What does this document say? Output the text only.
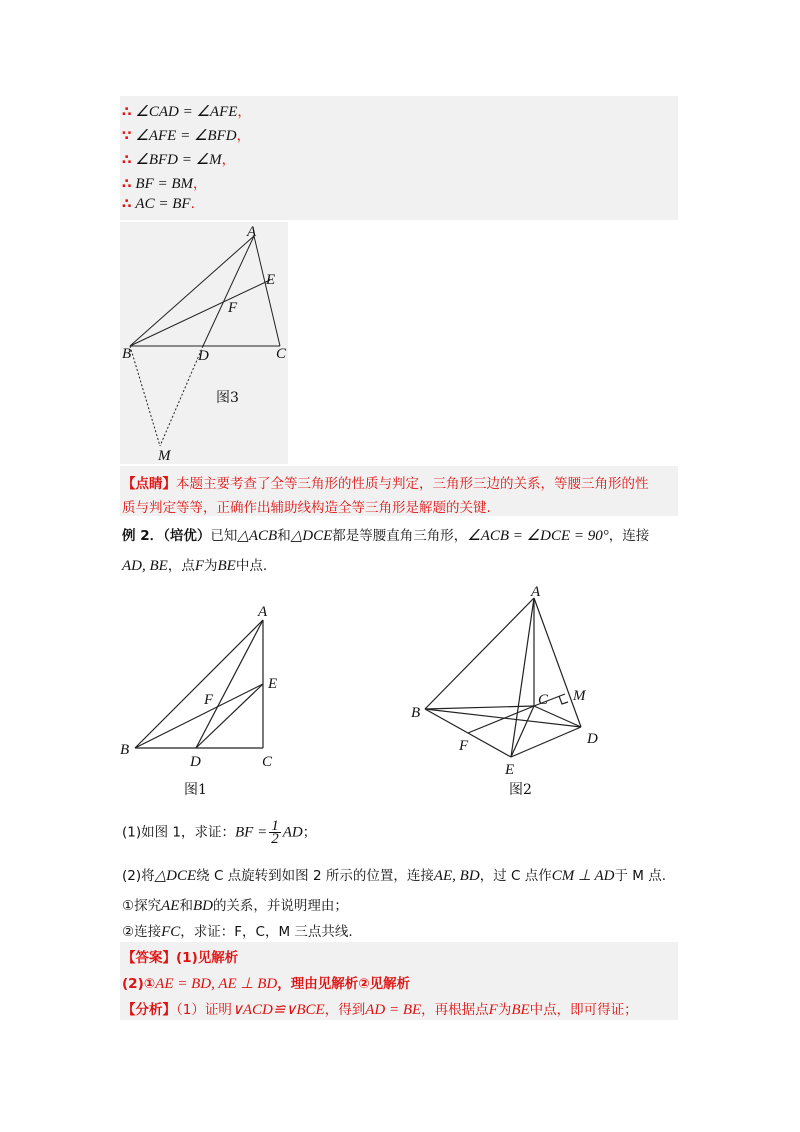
∴ ∠CAD = ∠AFE，
∵ ∠AFE = ∠BFD，
∴ ∠BFD = ∠M，
∴ BF = BM，
∴ AC = BF.
A
E
F
B	D	C
M
图3
【点睛】本题主要考查了全等三角形的性质与判定，三角形三边的关系，等腰三角形的性
质与判定等等，正确作出辅助线构造全等三角形是解题的关键.
例 2．（培优）已知△ACB和△DCE都是等腰直角三角形，∠ACB = ∠DCE = 90°，连接
AD, BE，点F为BE中点.
A
E
F
B
D	C
图1
A
M
C
B
D
F
E
图2
(1)如图 1，求证：BF = $\frac{1}{2}$ AD；
(2)将△DCE绕 C 点旋转到如图 2 所示的位置，连接AE, BD，过 C 点作CM ⊥ AD于 M 点.
①探究AE和BD的关系，并说明理由；
②连接FC，求证：F，C，M 三点共线.
【答案】(1)见解析
(2)①AE = BD, AE ⊥ BD，理由见解析②见解析
【分析】（1）证明∨ACD≌∨BCE，得到AD = BE，再根据点F为BE中点，即可得证；
